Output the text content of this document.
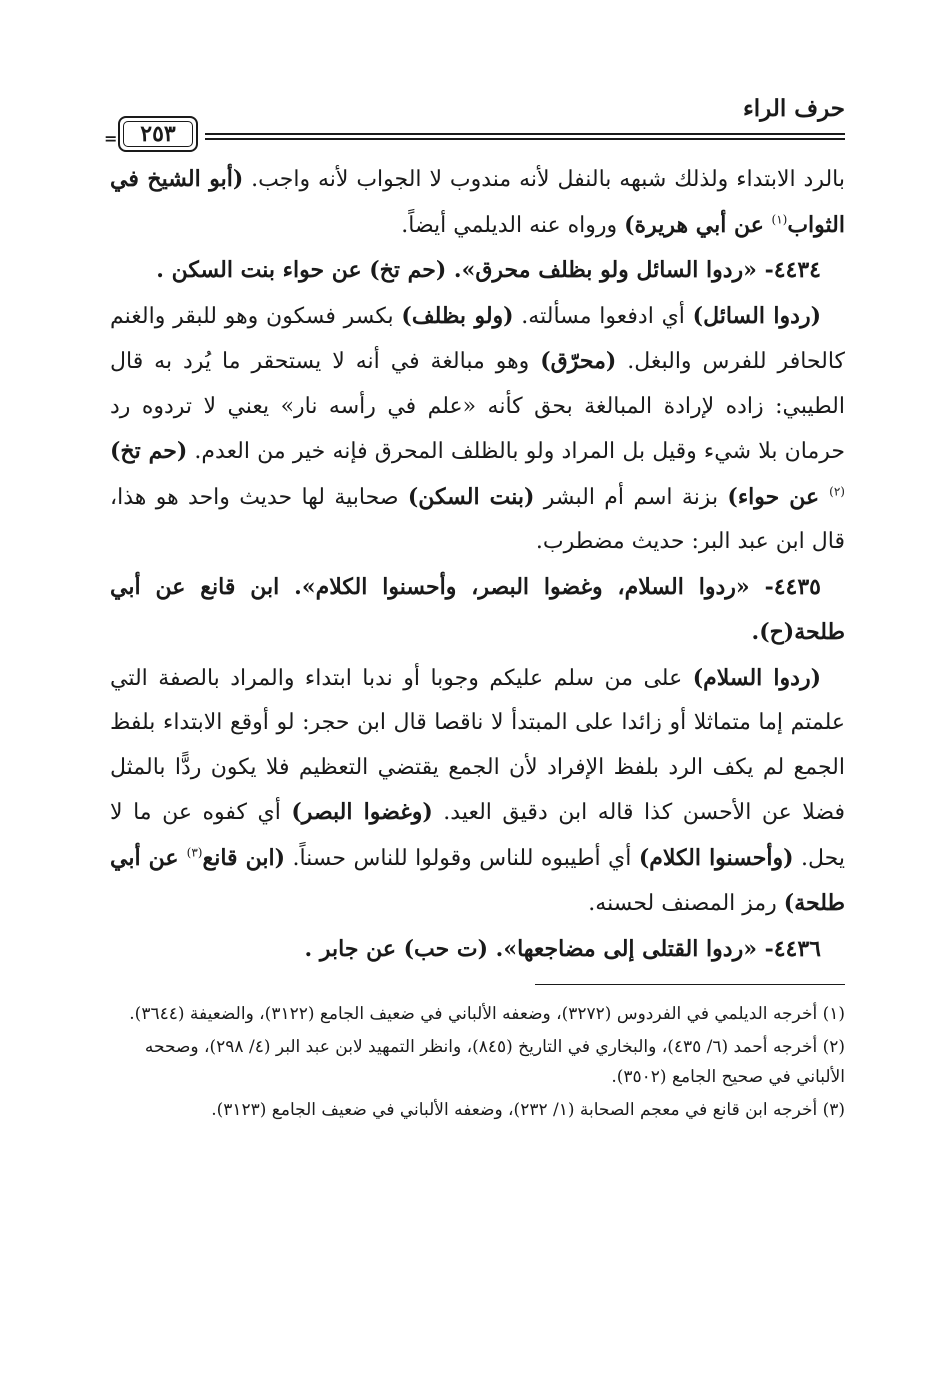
حرف الراء
٢٥٣
=

بالرد الابتداء ولذلك شبهه بالنفل لأنه مندوب لا الجواب لأنه واجب. (أبو الشيخ في الثواب$^{(١)}$ عن أبي هريرة) ورواه عنه الديلمي أيضاً.

٤٤٣٤- «ردوا السائل ولو بظلف محرق». (حم تخ) عن حواء بنت السكن .

(ردوا السائل) أي ادفعوا مسألته. (ولو بظلف) بكسر فسكون وهو للبقر والغنم كالحافر للفرس والبغل. (محرّق) وهو مبالغة في أنه لا يستحقر ما يُرد به قال الطيبي: زاده لإرادة المبالغة بحق كأنه «علم في رأسه نار» يعني لا تردوه رد حرمان بلا شيء وقيل بل المراد ولو بالظلف المحرق فإنه خير من العدم. (حم تخ)$^{(٢)}$ عن حواء) بزنة اسم أم البشر (بنت السكن) صحابية لها حديث واحد هو هذا، قال ابن عبد البر: حديث مضطرب.

٤٤٣٥- «ردوا السلام، وغضوا البصر، وأحسنوا الكلام». ابن قانع عن أبي طلحة(ح).

(ردوا السلام) على من سلم عليكم وجوبا أو ندبا ابتداء والمراد بالصفة التي علمتم إما متماثلا أو زائدا على المبتدأ لا ناقصا قال ابن حجر: لو أوقع الابتداء بلفظ الجمع لم يكف الرد بلفظ الإفراد لأن الجمع يقتضي التعظيم فلا يكون ردًّا بالمثل فضلا عن الأحسن كذا قاله ابن دقيق العيد. (وغضوا البصر) أي كفوه عن ما لا يحل. (وأحسنوا الكلام) أي أطيبوه للناس وقولوا للناس حسناً. (ابن قانع$^{(٣)}$ عن أبي طلحة) رمز المصنف لحسنه.

٤٤٣٦- «ردوا القتلى إلى مضاجعها». (ت حب) عن جابر .

(١) أخرجه الديلمي في الفردوس (٣٢٧٢)، وضعفه الألباني في ضعيف الجامع (٣١٢٢)، والضعيفة (٣٦٤٤).

(٢) أخرجه أحمد (٦/ ٤٣٥)، والبخاري في التاريخ (٨٤٥)، وانظر التمهيد لابن عبد البر (٤/ ٢٩٨)، وصححه الألباني في صحيح الجامع (٣٥٠٢).

(٣) أخرجه ابن قانع في معجم الصحابة (١/ ٢٣٢)، وضعفه الألباني في ضعيف الجامع (٣١٢٣).
